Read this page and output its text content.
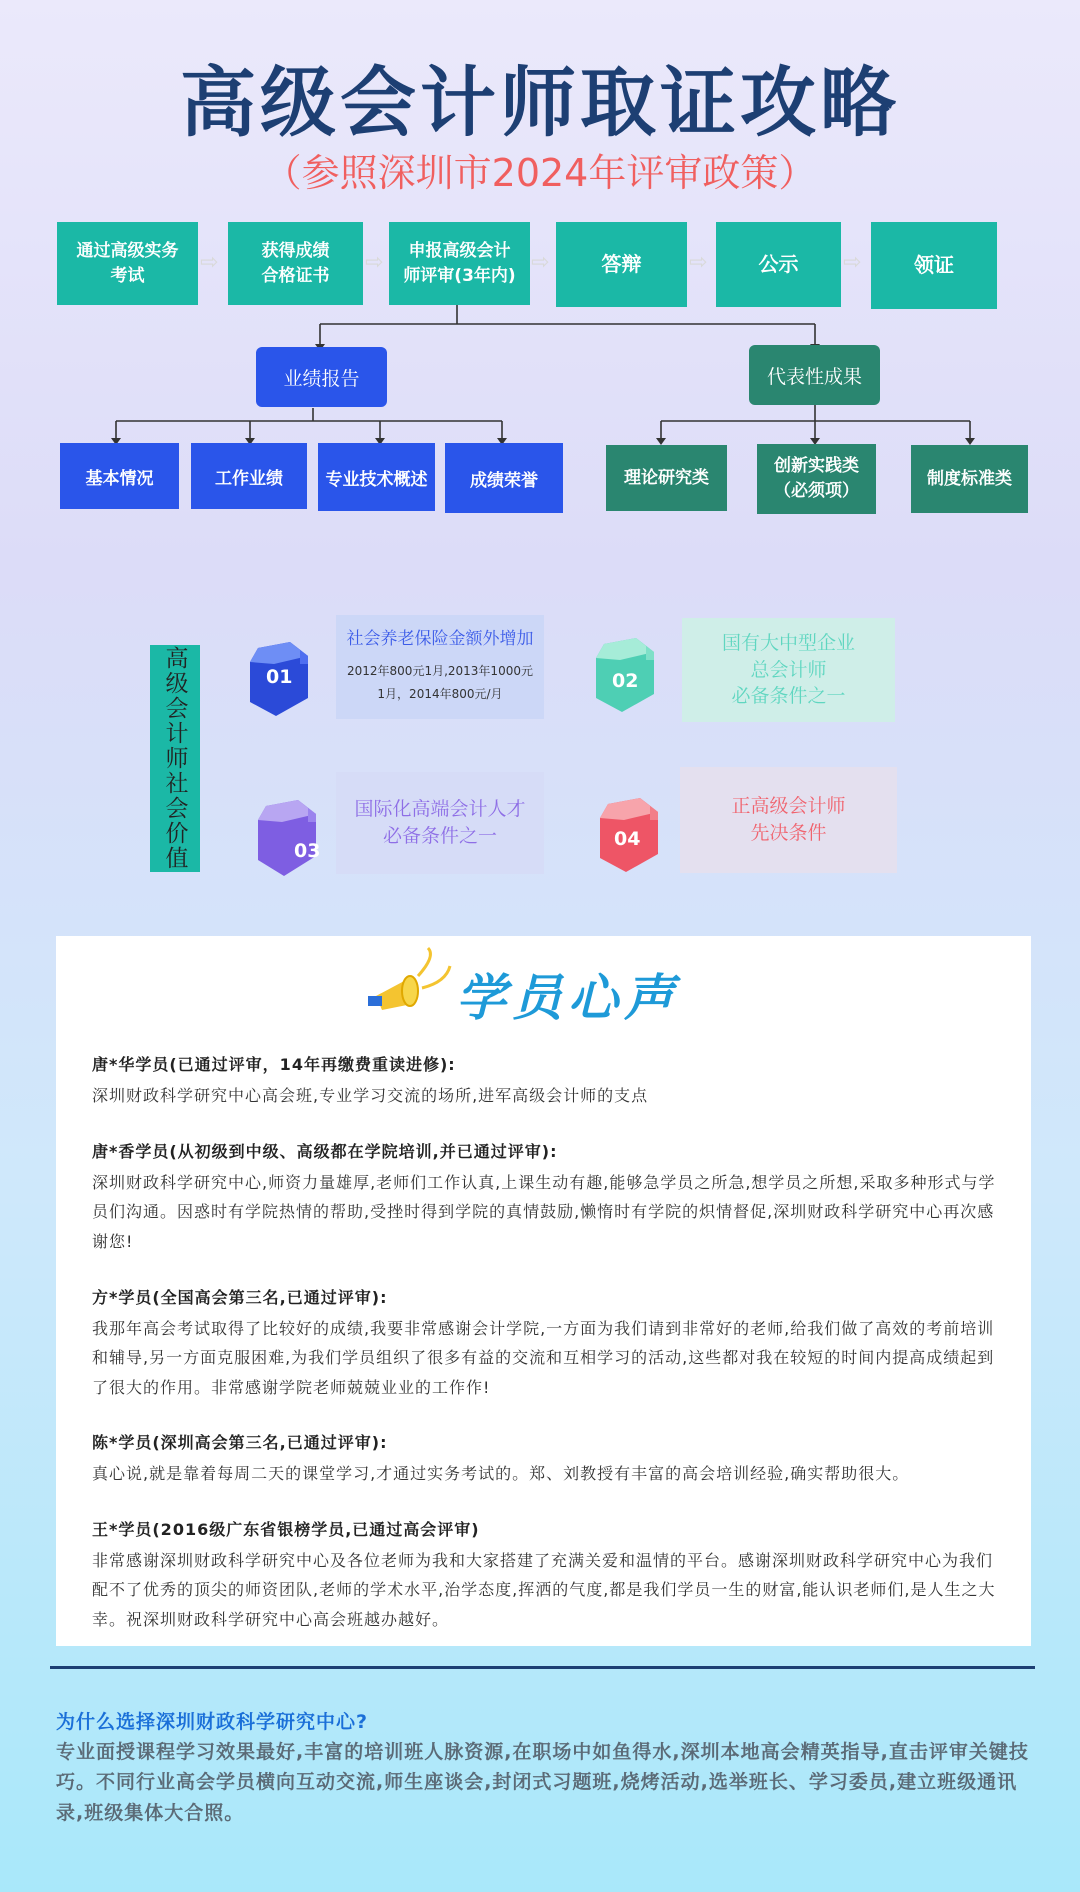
高级会计师取证攻略
（参照深圳市2024年评审政策）
通过高级实务
考试
⇨	获得成绩
合格证书
⇨	申报高级会计
师评审(3年内)
⇨	答辩	⇨	公示	⇨	领证
业绩报告
基本情况	工作业绩	专业技术概述	成绩荣誉
代表性成果
理论研究类
创新实践类
（必须项）
制度标准类
高级会计师社会价值	01
社会养老保险金额外增加
2012年800元1月,2013年1000元
1月，2014年800元/月
02
国有大中型企业
总会计师
必备条件之一
03
国际化高端会计人才
必备条件之一	04
正高级会计师
先决条件
学员心声
唐*华学员(已通过评审，14年再缴费重读进修):
深圳财政科学研究中心高会班,专业学习交流的场所,进军高级会计师的支点
唐*香学员(从初级到中级、高级都在学院培训,并已通过评审):
深圳财政科学研究中心,师资力量雄厚,老师们工作认真,上课生动有趣,能够急学员之所急,想学员之所想,采取多种形式与学员们沟通。因惑时有学院热情的帮助,受挫时得到学院的真情鼓励,懒惰时有学院的炽情督促,深圳财政科学研究中心再次感谢您!
方*学员(全国高会第三名,已通过评审):
我那年高会考试取得了比较好的成绩,我要非常感谢会计学院,一方面为我们请到非常好的老师,给我们做了高效的考前培训和辅导,另一方面克服困难,为我们学员组织了很多有益的交流和互相学习的活动,这些都对我在较短的时间内提高成绩起到了很大的作用。非常感谢学院老师兢兢业业的工作作!
陈*学员(深圳高会第三名,已通过评审):
真心说,就是靠着每周二天的课堂学习,才通过实务考试的。郑、刘教授有丰富的高会培训经验,确实帮助很大。
王*学员(2016级广东省银榜学员,已通过高会评审)
非常感谢深圳财政科学研究中心及各位老师为我和大家搭建了充满关爱和温情的平台。感谢深圳财政科学研究中心为我们配不了优秀的顶尖的师资团队,老师的学术水平,治学态度,挥洒的气度,都是我们学员一生的财富,能认识老师们,是人生之大幸。祝深圳财政科学研究中心高会班越办越好。
为什么选择深圳财政科学研究中心?
专业面授课程学习效果最好,丰富的培训班人脉资源,在职场中如鱼得水,深圳本地高会精英指导,直击评审关键技巧。不同行业高会学员横向互动交流,师生座谈会,封闭式习题班,烧烤活动,选举班长、学习委员,建立班级通讯录,班级集体大合照。
